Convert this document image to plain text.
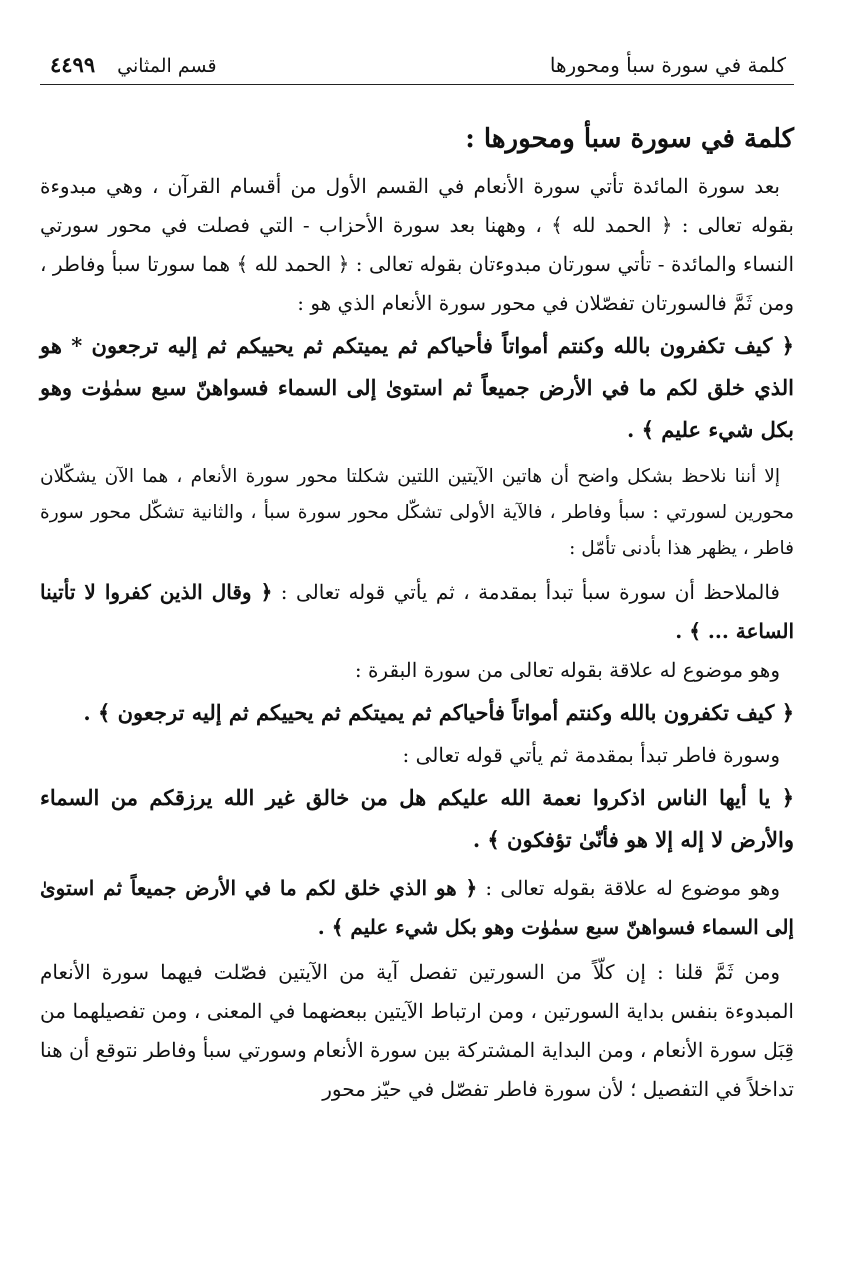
كلمة في سورة سبأ ومحورها
قسم المثاني
٤٤٩٩
كلمة في سورة سبأ ومحورها :

بعد سورة المائدة تأتي سورة الأنعام في القسم الأول من أقسام القرآن ، وهي مبدوءة بقوله تعالى : ﴿ الحمد لله ﴾ ، وههنا بعد سورة الأحزاب - التي فصلت في محور سورتي النساء والمائدة - تأتي سورتان مبدوءتان بقوله تعالى : ﴿ الحمد لله ﴾ هما سورتا سبأ وفاطر ، ومن ثَمَّ فالسورتان تفصّلان في محور سورة الأنعام الذي هو :

﴿ كيف تكفرون بالله وكنتم أمواتاً فأحياكم ثم يميتكم ثم يحييكم ثم إليه ترجعون * هو الذي خلق لكم ما في الأرض جميعاً ثم استوىٰ إلى السماء فسواهنّ سبع سمٰوٰت وهو بكل شيء عليم ﴾ .

إلا أننا نلاحظ بشكل واضح أن هاتين الآيتين اللتين شكلتا محور سورة الأنعام ، هما الآن يشكّلان محورين لسورتي : سبأ وفاطر ، فالآية الأولى تشكّل محور سورة سبأ ، والثانية تشكّل محور سورة فاطر ، يظهر هذا بأدنى تأمّل :

فالملاحظ أن سورة سبأ تبدأ بمقدمة ، ثم يأتي قوله تعالى : ﴿ وقال الذين كفروا لا تأتينا الساعة ... ﴾ .

وهو موضوع له علاقة بقوله تعالى من سورة البقرة :

﴿ كيف تكفرون بالله وكنتم أمواتاً فأحياكم ثم يميتكم ثم يحييكم ثم إليه ترجعون ﴾ .

وسورة فاطر تبدأ بمقدمة ثم يأتي قوله تعالى :

﴿ يا أيها الناس اذكروا نعمة الله عليكم هل من خالق غير الله يرزقكم من السماء والأرض لا إله إلا هو فأنّىٰ تؤفكون ﴾ .

وهو موضوع له علاقة بقوله تعالى : ﴿ هو الذي خلق لكم ما في الأرض جميعاً ثم استوىٰ إلى السماء فسواهنّ سبع سمٰوٰت وهو بكل شيء عليم ﴾ .

ومن ثَمَّ قلنا : إن كلّاً من السورتين تفصل آية من الآيتين فصّلت فيهما سورة الأنعام المبدوءة بنفس بداية السورتين ، ومن ارتباط الآيتين ببعضهما في المعنى ، ومن تفصيلهما من قِبَل سورة الأنعام ، ومن البداية المشتركة بين سورة الأنعام وسورتي سبأ وفاطر نتوقع أن هنا تداخلاً في التفصيل ؛ لأن سورة فاطر تفصّل في حيّز محور
